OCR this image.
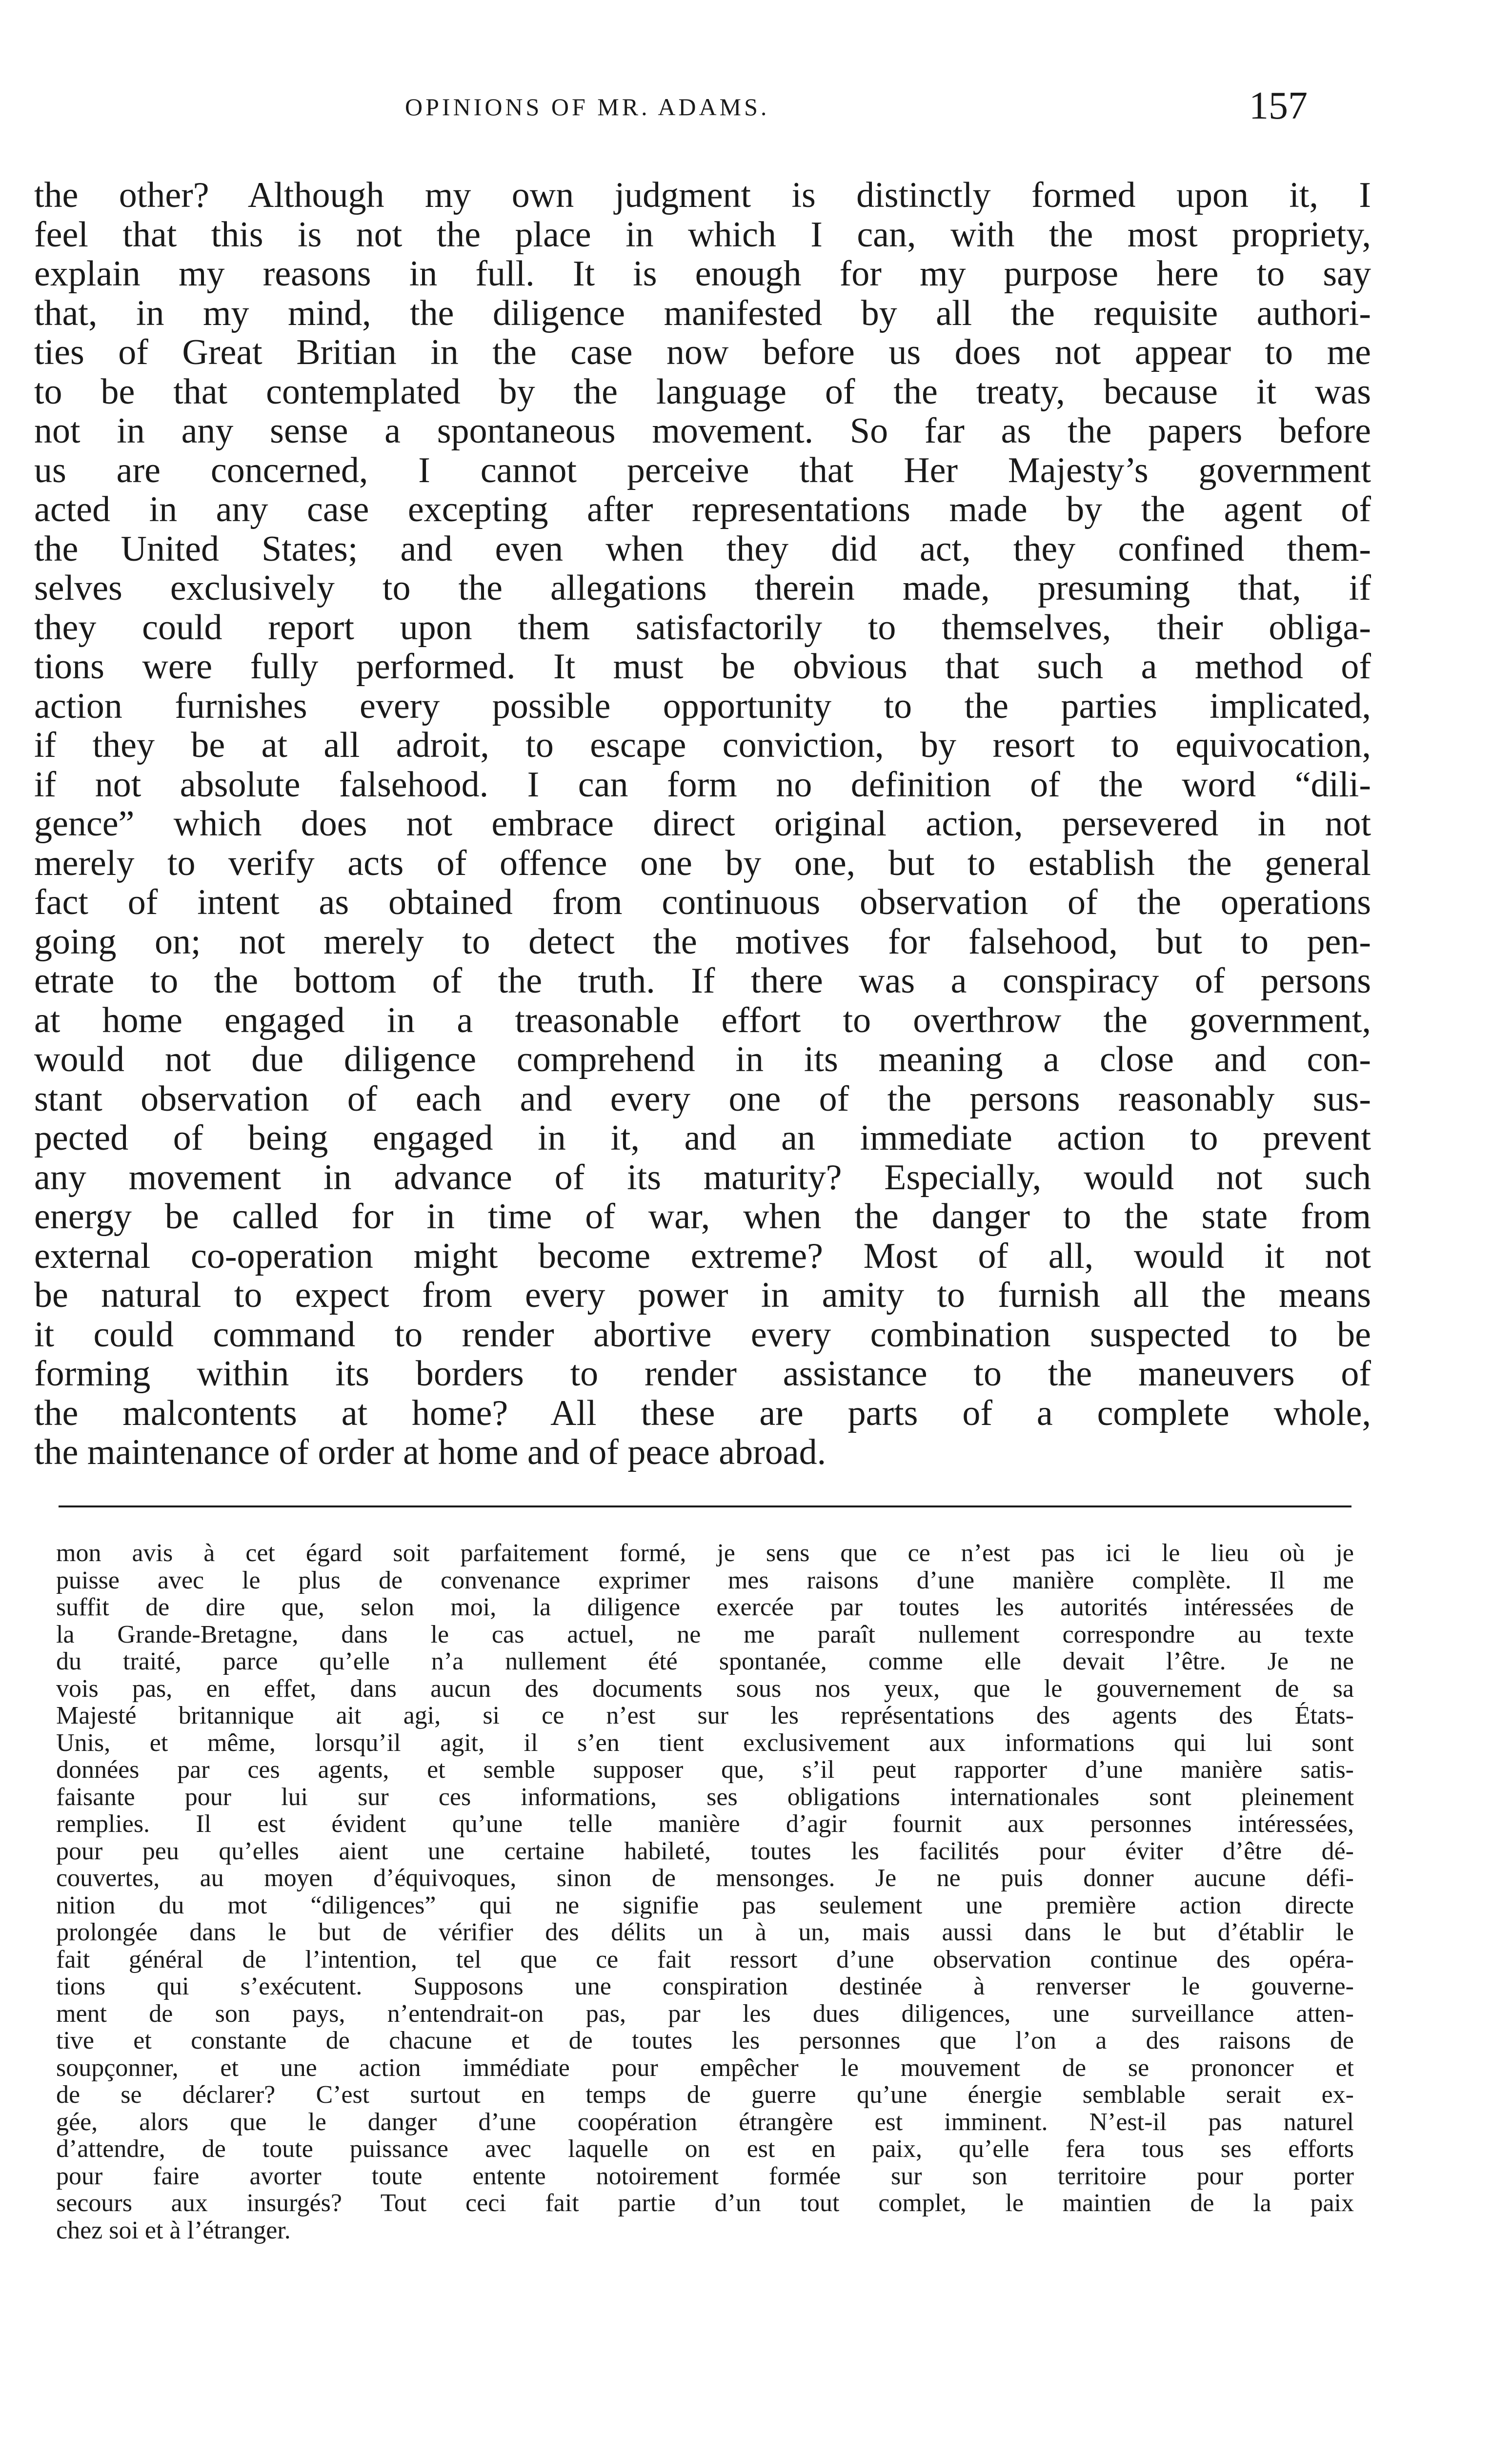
OPINIONS OF MR. ADAMS.	157
the other? Although my own judgment is distinctly formed upon it, I
feel that this is not the place in which I can, with the most propriety,
explain my reasons in full. It is enough for my purpose here to say
that, in my mind, the diligence manifested by all the requisite authori-
ties of Great Britian in the case now before us does not appear to me
to be that contemplated by the language of the treaty, because it was
not in any sense a spontaneous movement. So far as the papers before
us are concerned, I cannot perceive that Her Majesty’s government
acted in any case excepting after representations made by the agent of
the United States; and even when they did act, they confined them-
selves exclusively to the allegations therein made, presuming that, if
they could report upon them satisfactorily to themselves, their obliga-
tions were fully performed. It must be obvious that such a method of
action furnishes every possible opportunity to the parties implicated,
if they be at all adroit, to escape conviction, by resort to equivocation,
if not absolute falsehood. I can form no definition of the word “dili-
gence” which does not embrace direct original action, persevered in not
merely to verify acts of offence one by one, but to establish the general
fact of intent as obtained from continuous observation of the operations
going on; not merely to detect the motives for falsehood, but to pen-
etrate to the bottom of the truth. If there was a conspiracy of persons
at home engaged in a treasonable effort to overthrow the government,
would not due diligence comprehend in its meaning a close and con-
stant observation of each and every one of the persons reasonably sus-
pected of being engaged in it, and an immediate action to prevent
any movement in advance of its maturity? Especially, would not such
energy be called for in time of war, when the danger to the state from
external co-operation might become extreme? Most of all, would it not
be natural to expect from every power in amity to furnish all the means
it could command to render abortive every combination suspected to be
forming within its borders to render assistance to the maneuvers of
the malcontents at home? All these are parts of a complete whole,
the maintenance of order at home and of peace abroad.
mon avis à cet égard soit parfaitement formé, je sens que ce n’est pas ici le lieu où je
puisse avec le plus de convenance exprimer mes raisons d’une manière complète. Il me
suffit de dire que, selon moi, la diligence exercée par toutes les autorités intéressées de
la Grande-Bretagne, dans le cas actuel, ne me paraît nullement correspondre au texte
du traité, parce qu’elle n’a nullement été spontanée, comme elle devait l’être. Je ne
vois pas, en effet, dans aucun des documents sous nos yeux, que le gouvernement de sa
Majesté britannique ait agi, si ce n’est sur les représentations des agents des États-
Unis, et même, lorsqu’il agit, il s’en tient exclusivement aux informations qui lui sont
données par ces agents, et semble supposer que, s’il peut rapporter d’une manière satis-
faisante pour lui sur ces informations, ses obligations internationales sont pleinement
remplies. Il est évident qu’une telle manière d’agir fournit aux personnes intéressées,
pour peu qu’elles aient une certaine habileté, toutes les facilités pour éviter d’être dé-
couvertes, au moyen d’équivoques, sinon de mensonges. Je ne puis donner aucune défi-
nition du mot “diligences” qui ne signifie pas seulement une première action directe
prolongée dans le but de vérifier des délits un à un, mais aussi dans le but d’établir le
fait général de l’intention, tel que ce fait ressort d’une observation continue des opéra-
tions qui s’exécutent. Supposons une conspiration destinée à renverser le gouverne-
ment de son pays, n’entendrait-on pas, par les dues diligences, une surveillance atten-
tive et constante de chacune et de toutes les personnes que l’on a des raisons de
soupçonner, et une action immédiate pour empêcher le mouvement de se prononcer et
de se déclarer? C’est surtout en temps de guerre qu’une énergie semblable serait ex-
gée, alors que le danger d’une coopération étrangère est imminent. N’est-il pas naturel
d’attendre, de toute puissance avec laquelle on est en paix, qu’elle fera tous ses efforts
pour faire avorter toute entente notoirement formée sur son territoire pour porter
secours aux insurgés? Tout ceci fait partie d’un tout complet, le maintien de la paix
chez soi et à l’étranger.
